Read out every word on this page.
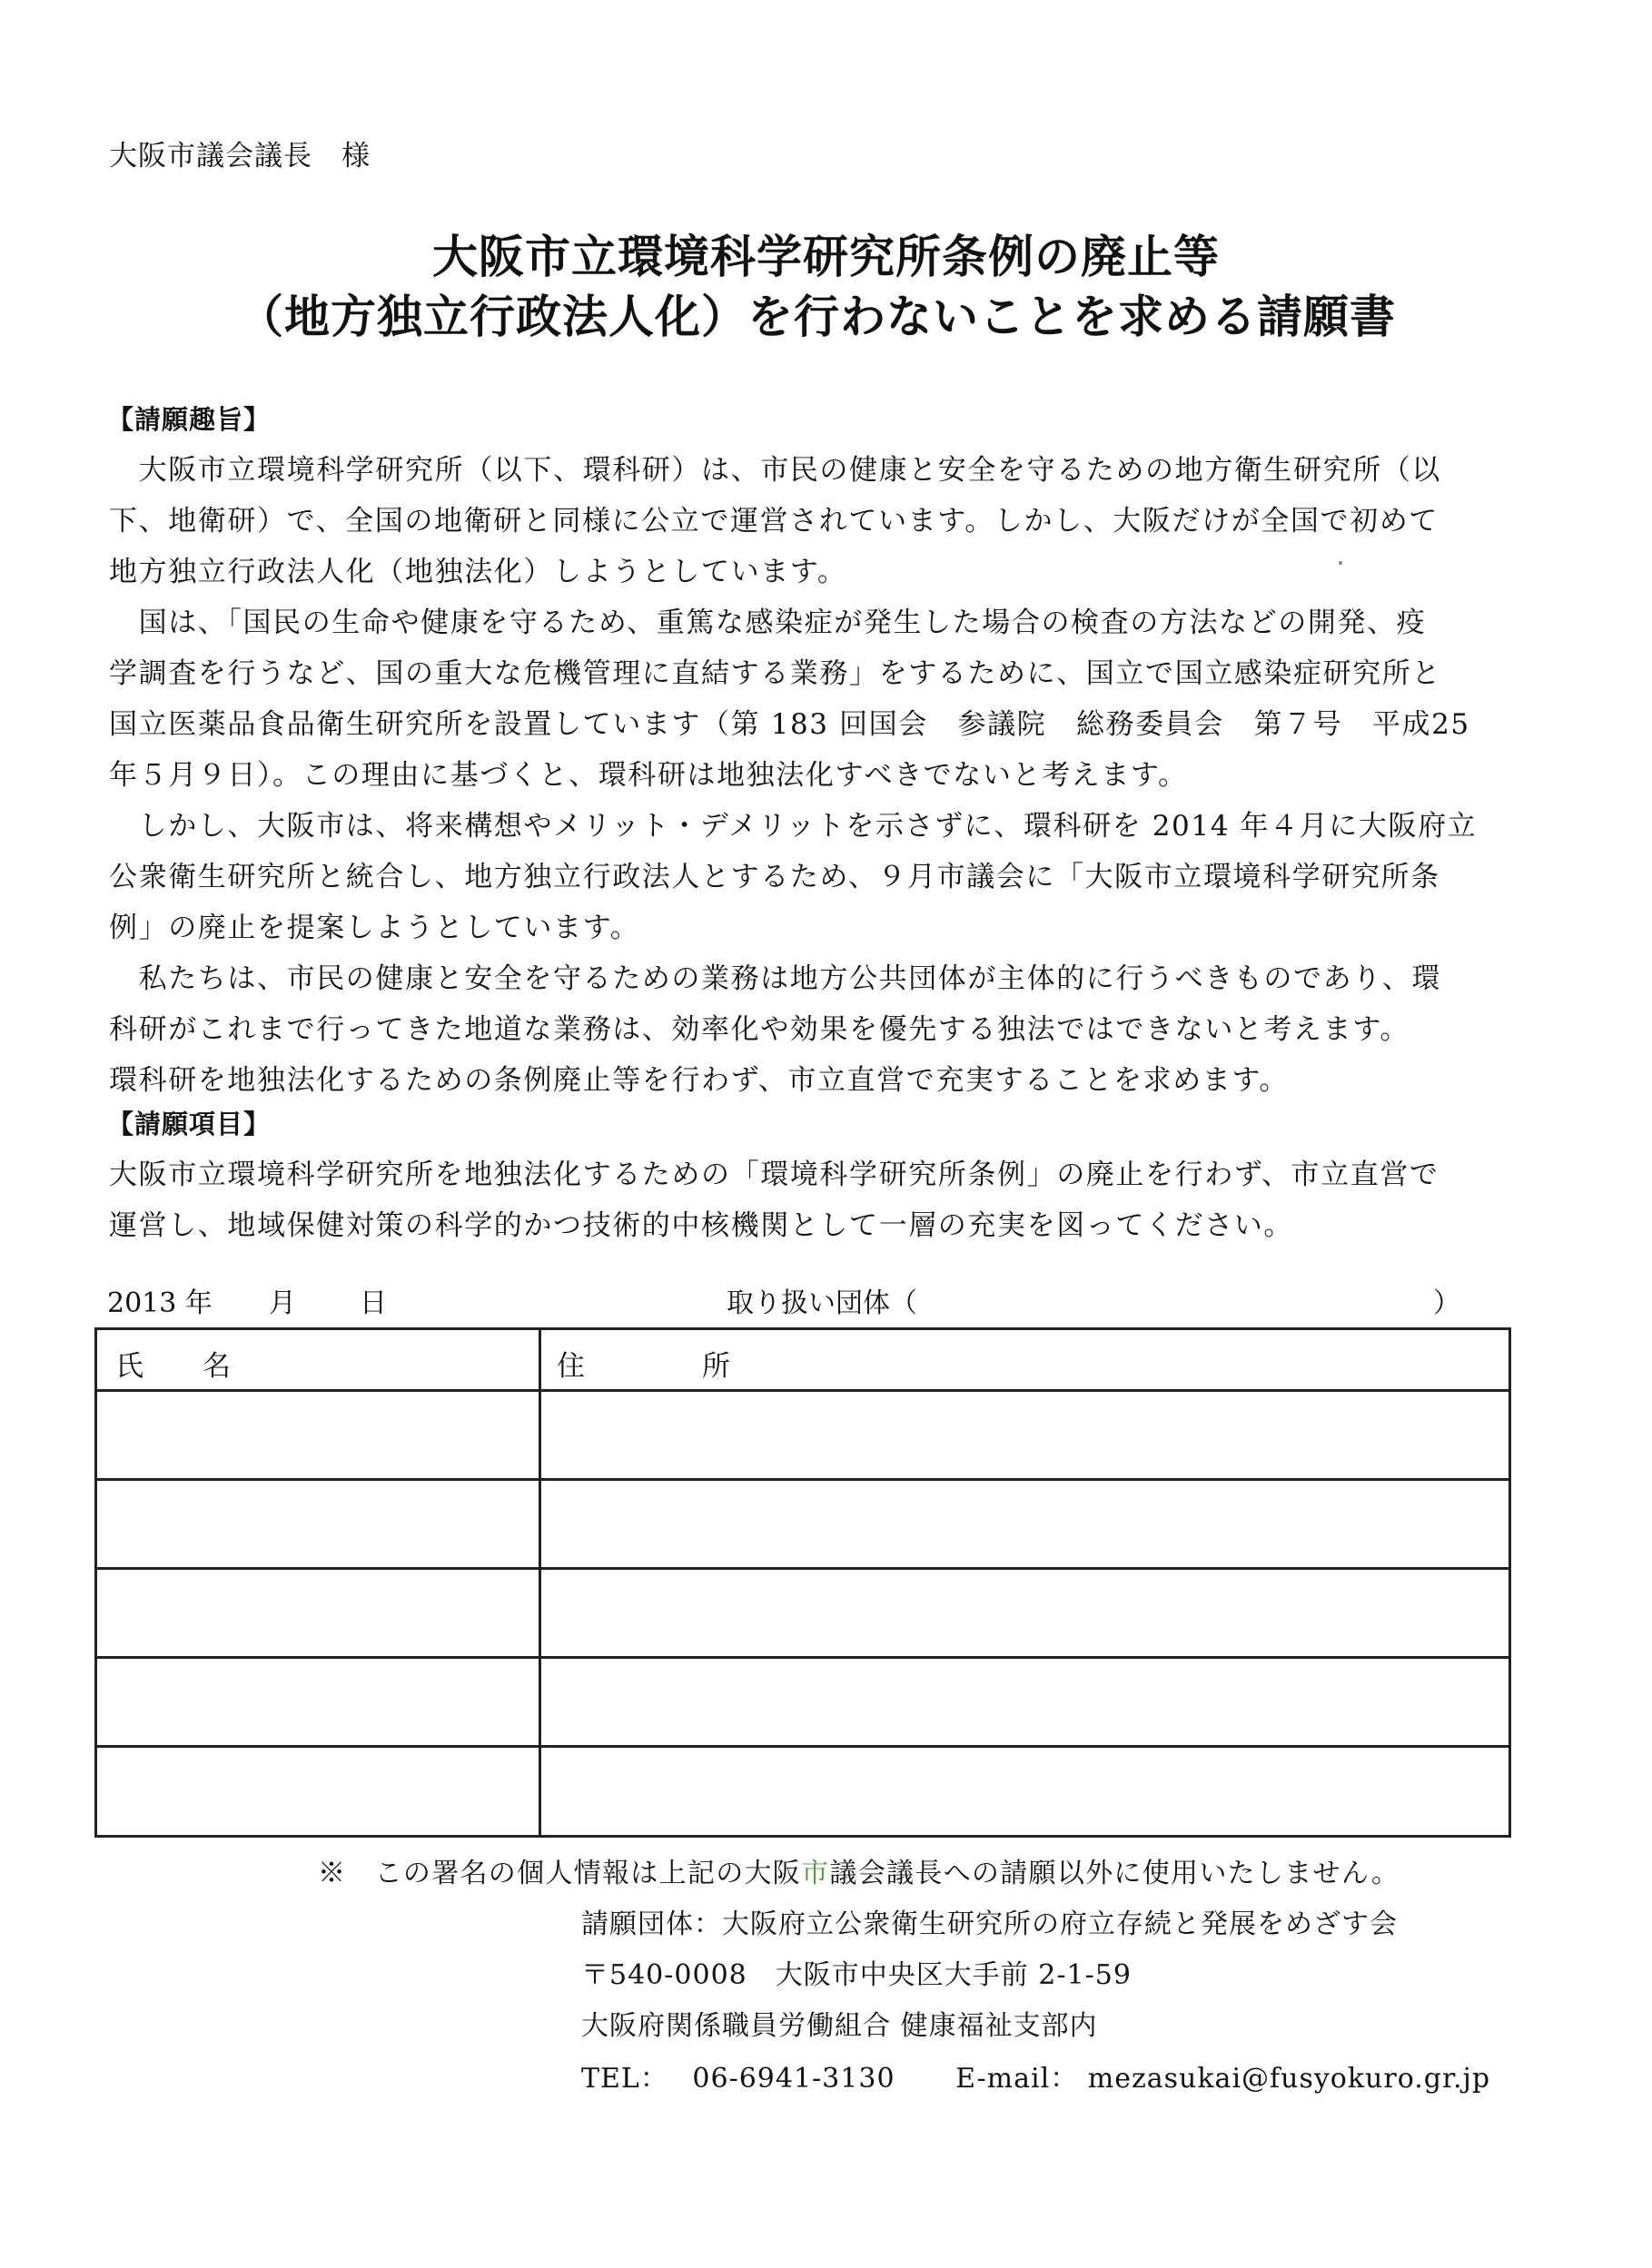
大阪市議会議長　様
大阪市立環境科学研究所条例の廃止等
（地方独立行政法人化）を行わないことを求める請願書
【請願趣旨】
　大阪市立環境科学研究所（以下、環科研）は、市民の健康と安全を守るための地方衛生研究所（以
下、地衛研）で、全国の地衛研と同様に公立で運営されています。しかし、大阪だけが全国で初めて
地方独立行政法人化（地独法化）しようとしています。
　国は、「国民の生命や健康を守るため、重篤な感染症が発生した場合の検査の方法などの開発、疫
学調査を行うなど、国の重大な危機管理に直結する業務」をするために、国立で国立感染症研究所と
国立医薬品食品衛生研究所を設置しています（第 183 回国会　参議院　総務委員会　第７号　平成25
年５月９日）。この理由に基づくと、環科研は地独法化すべきでないと考えます。
　しかし、大阪市は、将来構想やメリット・デメリットを示さずに、環科研を 2014 年４月に大阪府立
公衆衛生研究所と統合し、地方独立行政法人とするため、９月市議会に「大阪市立環境科学研究所条
例」の廃止を提案しようとしています。
　私たちは、市民の健康と安全を守るための業務は地方公共団体が主体的に行うべきものであり、環
科研がこれまで行ってきた地道な業務は、効率化や効果を優先する独法ではできないと考えます。
環科研を地独法化するための条例廃止等を行わず、市立直営で充実することを求めます。
【請願項目】
大阪市立環境科学研究所を地独法化するための「環境科学研究所条例」の廃止を行わず、市立直営で
運営し、地域保健対策の科学的かつ技術的中核機関として一層の充実を図ってください。
2013 年 月 日	取り扱い団体（	）
氏　　名	住　　　　所
※　この署名の個人情報は上記の大阪市議会議長への請願以外に使用いたしません。
請願団体：大阪府立公衆衛生研究所の府立存続と発展をめざす会
〒540-0008　大阪市中央区大手前 2-1-59
大阪府関係職員労働組合 健康福祉支部内
TEL： 06-6941-3130 E-mail： mezasukai@fusyokuro.gr.jp
